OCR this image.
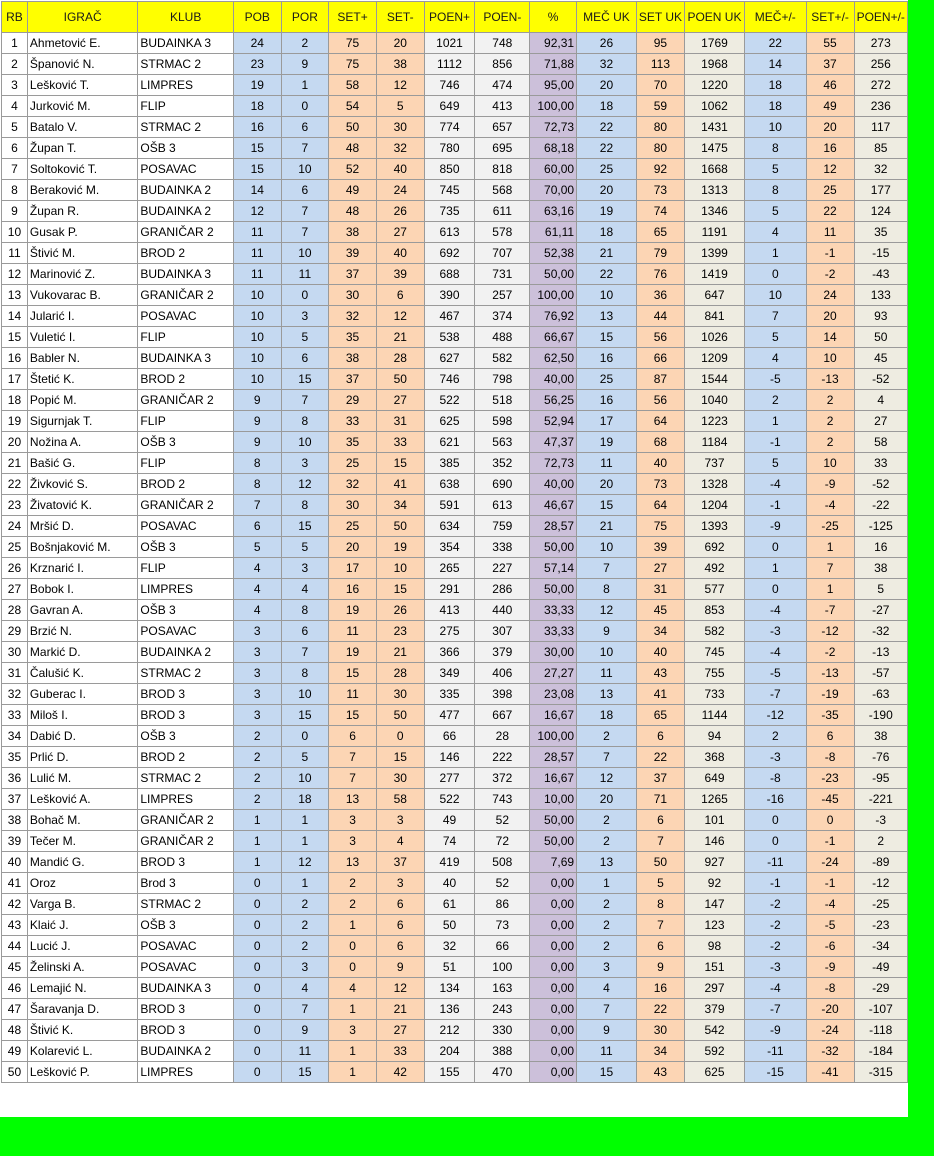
RB	IGRAČ	KLUB	POB	POR	SET+	SET-	POEN+	POEN-	%	MEČ UK	SET UK	POEN UK	MEČ+/-	SET+/-	POEN+/-
1	Ahmetović E.	BUDAINKA 3	24	2	75	20	1021	748	92,31	26	95	1769	22	55	273
2	Španović N.	STRMAC 2	23	9	75	38	1112	856	71,88	32	113	1968	14	37	256
3	Lešković T.	LIMPRES	19	1	58	12	746	474	95,00	20	70	1220	18	46	272
4	Jurković M.	FLIP	18	0	54	5	649	413	100,00	18	59	1062	18	49	236
5	Batalo V.	STRMAC 2	16	6	50	30	774	657	72,73	22	80	1431	10	20	117
6	Župan T.	OŠB 3	15	7	48	32	780	695	68,18	22	80	1475	8	16	85
7	Soltoković T.	POSAVAC	15	10	52	40	850	818	60,00	25	92	1668	5	12	32
8	Beraković M.	BUDAINKA 2	14	6	49	24	745	568	70,00	20	73	1313	8	25	177
9	Župan R.	BUDAINKA 2	12	7	48	26	735	611	63,16	19	74	1346	5	22	124
10	Gusak P.	GRANIČAR 2	11	7	38	27	613	578	61,11	18	65	1191	4	11	35
11	Štivić M.	BROD 2	11	10	39	40	692	707	52,38	21	79	1399	1	-1	-15
12	Marinović Z.	BUDAINKA 3	11	11	37	39	688	731	50,00	22	76	1419	0	-2	-43
13	Vukovarac B.	GRANIČAR 2	10	0	30	6	390	257	100,00	10	36	647	10	24	133
14	Jularić I.	POSAVAC	10	3	32	12	467	374	76,92	13	44	841	7	20	93
15	Vuletić I.	FLIP	10	5	35	21	538	488	66,67	15	56	1026	5	14	50
16	Babler N.	BUDAINKA 3	10	6	38	28	627	582	62,50	16	66	1209	4	10	45
17	Štetić K.	BROD 2	10	15	37	50	746	798	40,00	25	87	1544	-5	-13	-52
18	Popić M.	GRANIČAR 2	9	7	29	27	522	518	56,25	16	56	1040	2	2	4
19	Sigurnjak T.	FLIP	9	8	33	31	625	598	52,94	17	64	1223	1	2	27
20	Nožina A.	OŠB 3	9	10	35	33	621	563	47,37	19	68	1184	-1	2	58
21	Bašić G.	FLIP	8	3	25	15	385	352	72,73	11	40	737	5	10	33
22	Živković S.	BROD 2	8	12	32	41	638	690	40,00	20	73	1328	-4	-9	-52
23	Živatović K.	GRANIČAR 2	7	8	30	34	591	613	46,67	15	64	1204	-1	-4	-22
24	Mršić D.	POSAVAC	6	15	25	50	634	759	28,57	21	75	1393	-9	-25	-125
25	Bošnjaković M.	OŠB 3	5	5	20	19	354	338	50,00	10	39	692	0	1	16
26	Krznarić I.	FLIP	4	3	17	10	265	227	57,14	7	27	492	1	7	38
27	Bobok I.	LIMPRES	4	4	16	15	291	286	50,00	8	31	577	0	1	5
28	Gavran A.	OŠB 3	4	8	19	26	413	440	33,33	12	45	853	-4	-7	-27
29	Brzić N.	POSAVAC	3	6	11	23	275	307	33,33	9	34	582	-3	-12	-32
30	Markić D.	BUDAINKA 2	3	7	19	21	366	379	30,00	10	40	745	-4	-2	-13
31	Čalušić K.	STRMAC 2	3	8	15	28	349	406	27,27	11	43	755	-5	-13	-57
32	Guberac I.	BROD 3	3	10	11	30	335	398	23,08	13	41	733	-7	-19	-63
33	Miloš I.	BROD 3	3	15	15	50	477	667	16,67	18	65	1144	-12	-35	-190
34	Dabić D.	OŠB 3	2	0	6	0	66	28	100,00	2	6	94	2	6	38
35	Prlić D.	BROD 2	2	5	7	15	146	222	28,57	7	22	368	-3	-8	-76
36	Lulić M.	STRMAC 2	2	10	7	30	277	372	16,67	12	37	649	-8	-23	-95
37	Lešković A.	LIMPRES	2	18	13	58	522	743	10,00	20	71	1265	-16	-45	-221
38	Bohač M.	GRANIČAR 2	1	1	3	3	49	52	50,00	2	6	101	0	0	-3
39	Tečer M.	GRANIČAR 2	1	1	3	4	74	72	50,00	2	7	146	0	-1	2
40	Mandić G.	BROD 3	1	12	13	37	419	508	7,69	13	50	927	-11	-24	-89
41	Oroz	Brod 3	0	1	2	3	40	52	0,00	1	5	92	-1	-1	-12
42	Varga B.	STRMAC 2	0	2	2	6	61	86	0,00	2	8	147	-2	-4	-25
43	Klaić J.	OŠB 3	0	2	1	6	50	73	0,00	2	7	123	-2	-5	-23
44	Lucić J.	POSAVAC	0	2	0	6	32	66	0,00	2	6	98	-2	-6	-34
45	Želinski A.	POSAVAC	0	3	0	9	51	100	0,00	3	9	151	-3	-9	-49
46	Lemajić N.	BUDAINKA 3	0	4	4	12	134	163	0,00	4	16	297	-4	-8	-29
47	Šaravanja D.	BROD 3	0	7	1	21	136	243	0,00	7	22	379	-7	-20	-107
48	Štivić K.	BROD 3	0	9	3	27	212	330	0,00	9	30	542	-9	-24	-118
49	Kolarević L.	BUDAINKA 2	0	11	1	33	204	388	0,00	11	34	592	-11	-32	-184
50	Lešković P.	LIMPRES	0	15	1	42	155	470	0,00	15	43	625	-15	-41	-315
